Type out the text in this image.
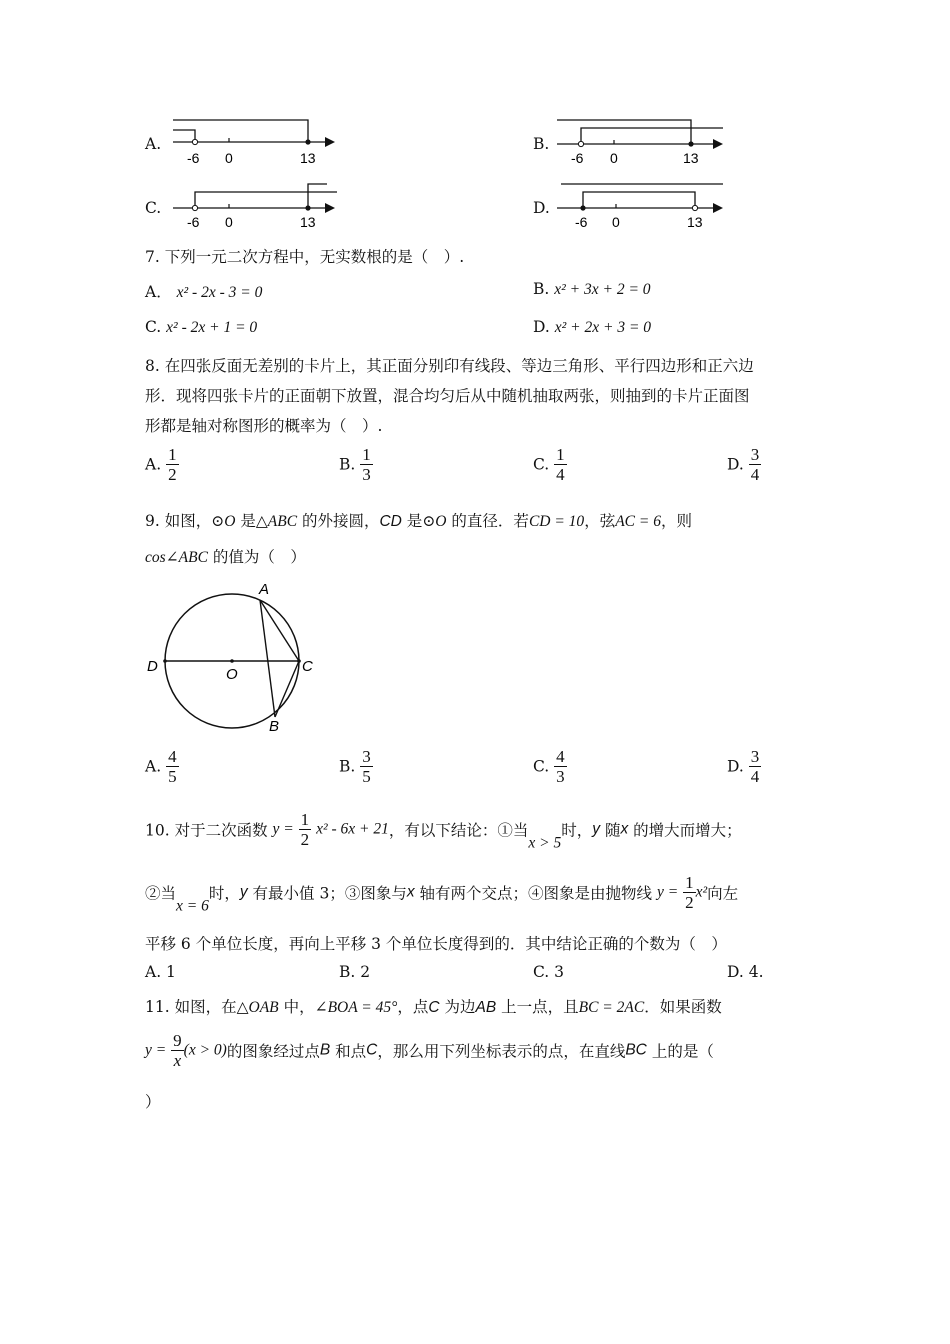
A.
-6 0	13
B.
-6 0	13
C.
-6 0	13
D.
-6 0	13
7. 下列一元二次方程中，无实数根的是（　）.
A． x² - 2x - 3 = 0	B. x² + 3x + 2 = 0
C. x² - 2x + 1 = 0	D. x² + 2x + 3 = 0
8. 在四张反面无差别的卡片上，其正面分别印有线段、等边三角形、平行四边形和正六边
形．现将四张卡片的正面朝下放置，混合均匀后从中随机抽取两张，则抽到的卡片正面图
形都是轴对称图形的概率为（　）.
A. $\frac{1}{2}$	B. $\frac{1}{3}$	C. $\frac{1}{4}$	D. $\frac{3}{4}$
9. 如图，⊙O 是△ABC 的外接圆，CD 是⊙O 的直径．若CD = 10，弦AC = 6，则
cos∠ABC 的值为（　）
A
B
C
D	O
A. $\frac{4}{5}$	B. $\frac{3}{5}$	C. $\frac{4}{3}$	D. $\frac{3}{4}$
10. 对于二次函数 $y = \frac{1}{2} x^2 - 6x + 21$，有以下结论：①当x > 5时，y 随x 的增大而增大；
②当x = 6时，y 有最小值 3；③图象与x 轴有两个交点；④图象是由抛物线 $y = \frac{1}{2} x^2$向左
平移 6 个单位长度，再向上平移 3 个单位长度得到的．其中结论正确的个数为（　）
A. 1	B. 2	C. 3	D. 4.
11. 如图，在△OAB 中，∠BOA = 45°，点C 为边AB 上一点，且BC = 2AC．如果函数
$y = \frac{9}{x} (x > 0)$的图象经过点B 和点C，那么用下列坐标表示的点，在直线BC 上的是（
）
